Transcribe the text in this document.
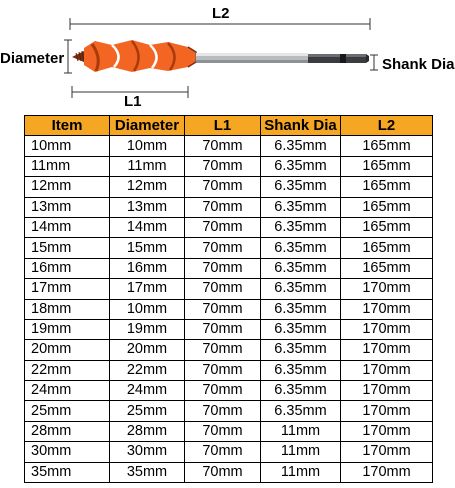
L2
Diameter	Shank Dia
L1
Item	Diameter	L1	Shank Dia	L2
10mm	10mm	70mm	6.35mm	165mm
11mm	11mm	70mm	6.35mm	165mm
12mm	12mm	70mm	6.35mm	165mm
13mm	13mm	70mm	6.35mm	165mm
14mm	14mm	70mm	6.35mm	165mm
15mm	15mm	70mm	6.35mm	165mm
16mm	16mm	70mm	6.35mm	165mm
17mm	17mm	70mm	6.35mm	170mm
18mm	10mm	70mm	6.35mm	170mm
19mm	19mm	70mm	6.35mm	170mm
20mm	20mm	70mm	6.35mm	170mm
22mm	22mm	70mm	6.35mm	170mm
24mm	24mm	70mm	6.35mm	170mm
25mm	25mm	70mm	6.35mm	170mm
28mm	28mm	70mm	11mm	170mm
30mm	30mm	70mm	11mm	170mm
35mm	35mm	70mm	11mm	170mm
